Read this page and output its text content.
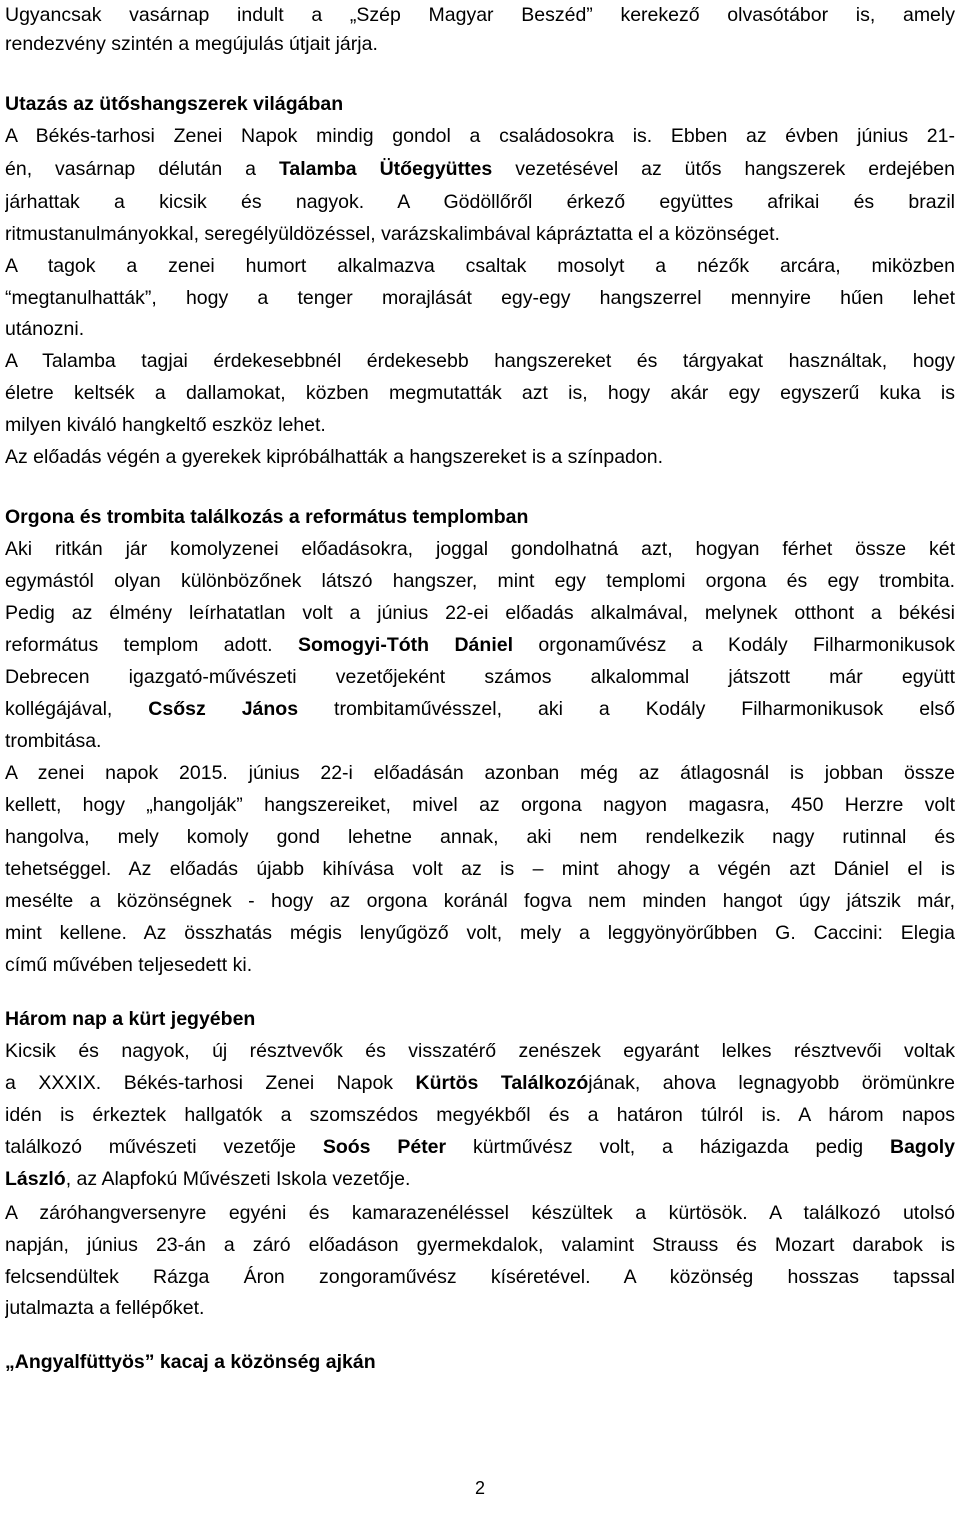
Ugyancsak vasárnap indult a „Szép Magyar Beszéd” kerekező olvasótábor is, amely
rendezvény szintén a megújulás útjait járja.
Utazás az ütőshangszerek világában
A Békés-tarhosi Zenei Napok mindig gondol a családosokra is. Ebben az évben június 21-
én, vasárnap délután a Talamba Ütőegyüttes vezetésével az ütős hangszerek erdejében
járhattak a kicsik és nagyok. A Gödöllőről érkező együttes afrikai és brazil
ritmustanulmányokkal, seregélyüldözéssel, varázskalimbával kápráztatta el a közönséget.
A tagok a zenei humort alkalmazva csaltak mosolyt a nézők arcára, miközben
“megtanulhatták”, hogy a tenger morajlását egy-egy hangszerrel mennyire hűen lehet
utánozni.
A Talamba tagjai érdekesebbnél érdekesebb hangszereket és tárgyakat használtak, hogy
életre keltsék a dallamokat, közben megmutatták azt is, hogy akár egy egyszerű kuka is
milyen kiváló hangkeltő eszköz lehet.
Az előadás végén a gyerekek kipróbálhatták a hangszereket is a színpadon.
Orgona és trombita találkozás a református templomban
Aki ritkán jár komolyzenei előadásokra, joggal gondolhatná azt, hogyan férhet össze két
egymástól olyan különbözőnek látszó hangszer, mint egy templomi orgona és egy trombita.
Pedig az élmény leírhatatlan volt a június 22-ei előadás alkalmával, melynek otthont a békési
református templom adott. Somogyi-Tóth Dániel orgonaművész a Kodály Filharmonikusok
Debrecen igazgató-művészeti vezetőjeként számos alkalommal játszott már együtt
kollégájával, Csősz János trombitaművésszel, aki a Kodály Filharmonikusok első
trombitása.
A zenei napok 2015. június 22-i előadásán azonban még az átlagosnál is jobban össze
kellett, hogy „hangolják” hangszereiket, mivel az orgona nagyon magasra, 450 Herzre volt
hangolva, mely komoly gond lehetne annak, aki nem rendelkezik nagy rutinnal és
tehetséggel. Az előadás újabb kihívása volt az is – mint ahogy a végén azt Dániel el is
mesélte a közönségnek - hogy az orgona koránál fogva nem minden hangot úgy játszik már,
mint kellene. Az összhatás mégis lenyűgöző volt, mely a leggyönyörűbben G. Caccini: Elegia
című művében teljesedett ki.
Három nap a kürt jegyében
Kicsik és nagyok, új résztvevők és visszatérő zenészek egyaránt lelkes résztvevői voltak
a XXXIX. Békés-tarhosi Zenei Napok Kürtös Találkozójának, ahova legnagyobb örömünkre
idén is érkeztek hallgatók a szomszédos megyékből és a határon túlról is. A három napos
találkozó művészeti vezetője Soós Péter kürtművész volt, a házigazda pedig Bagoly
László, az Alapfokú Művészeti Iskola vezetője.
A záróhangversenyre egyéni és kamarazenéléssel készültek a kürtösök. A találkozó utolsó
napján, június 23-án a záró előadáson gyermekdalok, valamint Strauss és Mozart darabok is
felcsendültek Rázga Áron zongoraművész kíséretével. A közönség hosszas tapssal
jutalmazta a fellépőket.
„Angyalfüttyös” kacaj a közönség ajkán
2
